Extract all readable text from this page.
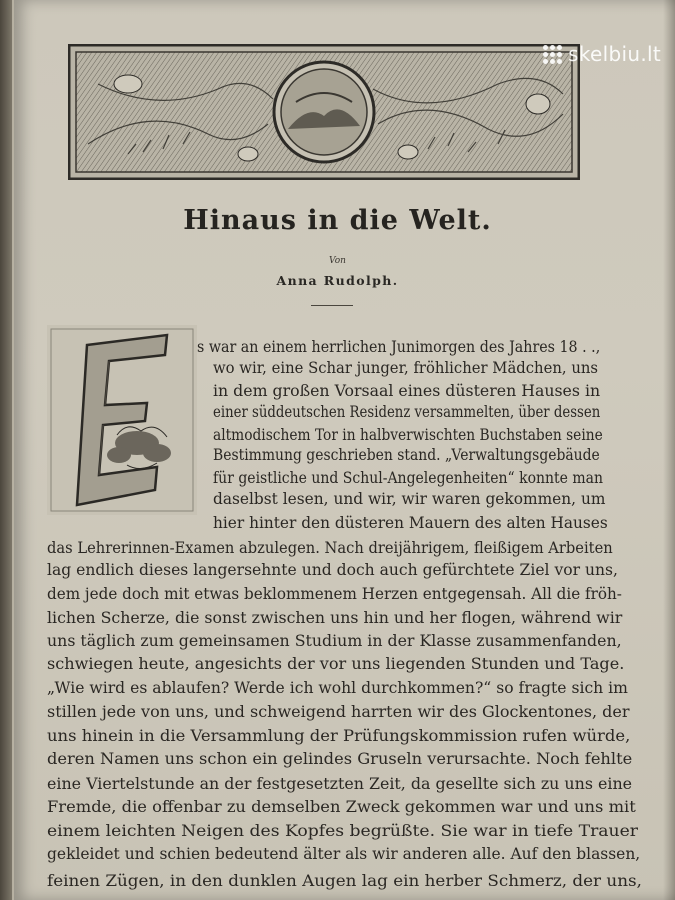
skelbiu.lt
Hinaus in die Welt.
Von
Anna Rudolph.
s war an einem herrlichen Junimorgen des Jahres 18 . .,
wo wir, eine Schar junger, fröhlicher Mädchen, uns
in dem großen Vorsaal eines düsteren Hauses in
einer süddeutschen Residenz versammelten, über dessen
altmodischem Tor in halbverwischten Buchstaben seine
Bestimmung geschrieben stand. „Verwaltungsgebäude
für geistliche und Schul-Angelegenheiten“ konnte man
daselbst lesen, und wir, wir waren gekommen, um
hier hinter den düsteren Mauern des alten Hauses
das Lehrerinnen-Examen abzulegen. Nach dreijährigem, fleißigem Arbeiten
lag endlich dieses langersehnte und doch auch gefürchtete Ziel vor uns,
dem jede doch mit etwas beklommenem Herzen entgegensah. All die fröh-
lichen Scherze, die sonst zwischen uns hin und her flogen, während wir
uns täglich zum gemeinsamen Studium in der Klasse zusammenfanden,
schwiegen heute, angesichts der vor uns liegenden Stunden und Tage.
„Wie wird es ablaufen? Werde ich wohl durchkommen?“ so fragte sich im
stillen jede von uns, und schweigend harrten wir des Glockentones, der
uns hinein in die Versammlung der Prüfungskommission rufen würde,
deren Namen uns schon ein gelindes Gruseln verursachte. Noch fehlte
eine Viertelstunde an der festgesetzten Zeit, da gesellte sich zu uns eine
Fremde, die offenbar zu demselben Zweck gekommen war und uns mit
einem leichten Neigen des Kopfes begrüßte. Sie war in tiefe Trauer
gekleidet und schien bedeutend älter als wir anderen alle. Auf den blassen,
feinen Zügen, in den dunklen Augen lag ein herber Schmerz, der uns,
